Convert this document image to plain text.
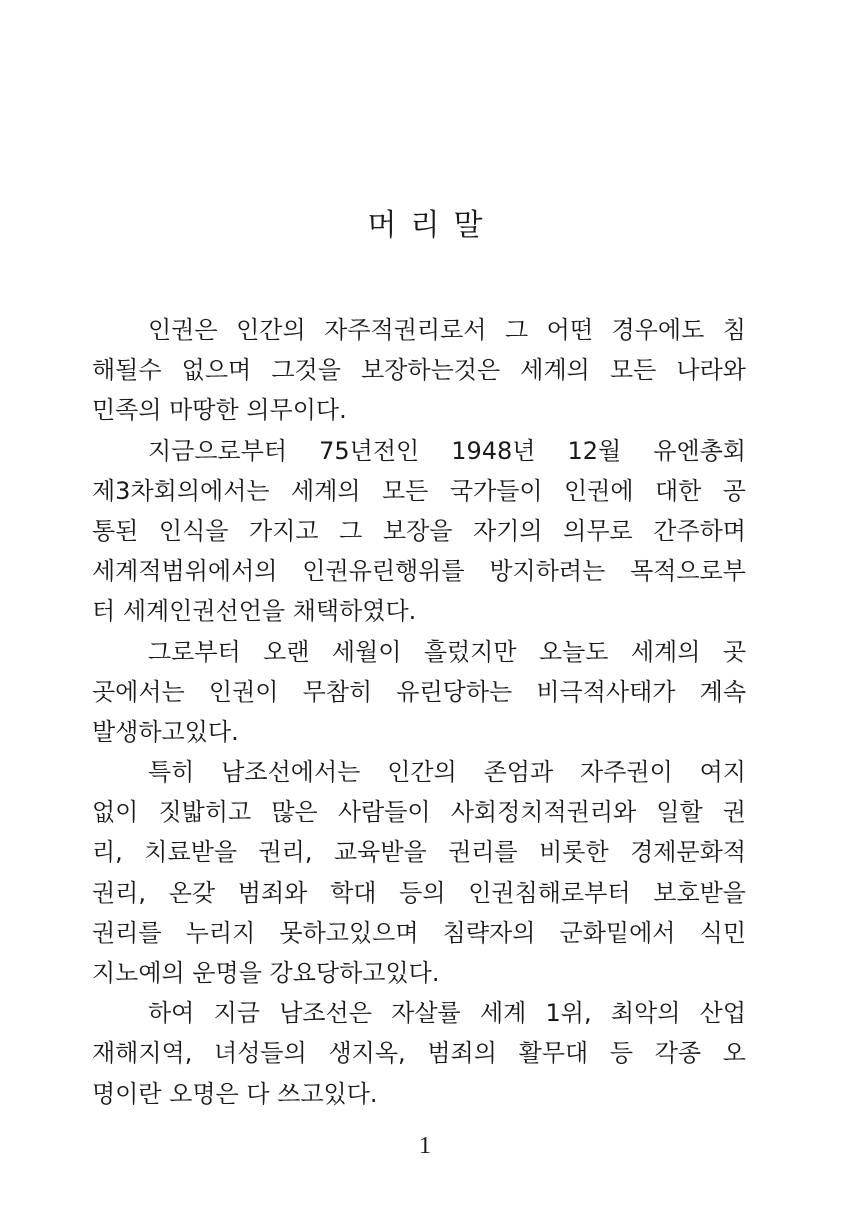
머리말
인권은 인간의 자주적권리로서 그 어떤 경우에도 침
해될수 없으며 그것을 보장하는것은 세계의 모든 나라와
민족의 마땅한 의무이다.
지금으로부터 75년전인 1948년 12월 유엔총회
제3차회의에서는 세계의 모든 국가들이 인권에 대한 공
통된 인식을 가지고 그 보장을 자기의 의무로 간주하며
세계적범위에서의 인권유린행위를 방지하려는 목적으로부
터 세계인권선언을 채택하였다.
그로부터 오랜 세월이 흘렀지만 오늘도 세계의 곳
곳에서는 인권이 무참히 유린당하는 비극적사태가 계속
발생하고있다.
특히 남조선에서는 인간의 존엄과 자주권이 여지
없이 짓밟히고 많은 사람들이 사회정치적권리와 일할 권
리, 치료받을 권리, 교육받을 권리를 비롯한 경제문화적
권리, 온갖 범죄와 학대 등의 인권침해로부터 보호받을
권리를 누리지 못하고있으며 침략자의 군화밑에서 식민
지노예의 운명을 강요당하고있다.
하여 지금 남조선은 자살률 세계 1위, 최악의 산업
재해지역, 녀성들의 생지옥, 범죄의 활무대 등 각종 오
명이란 오명은 다 쓰고있다.
1
